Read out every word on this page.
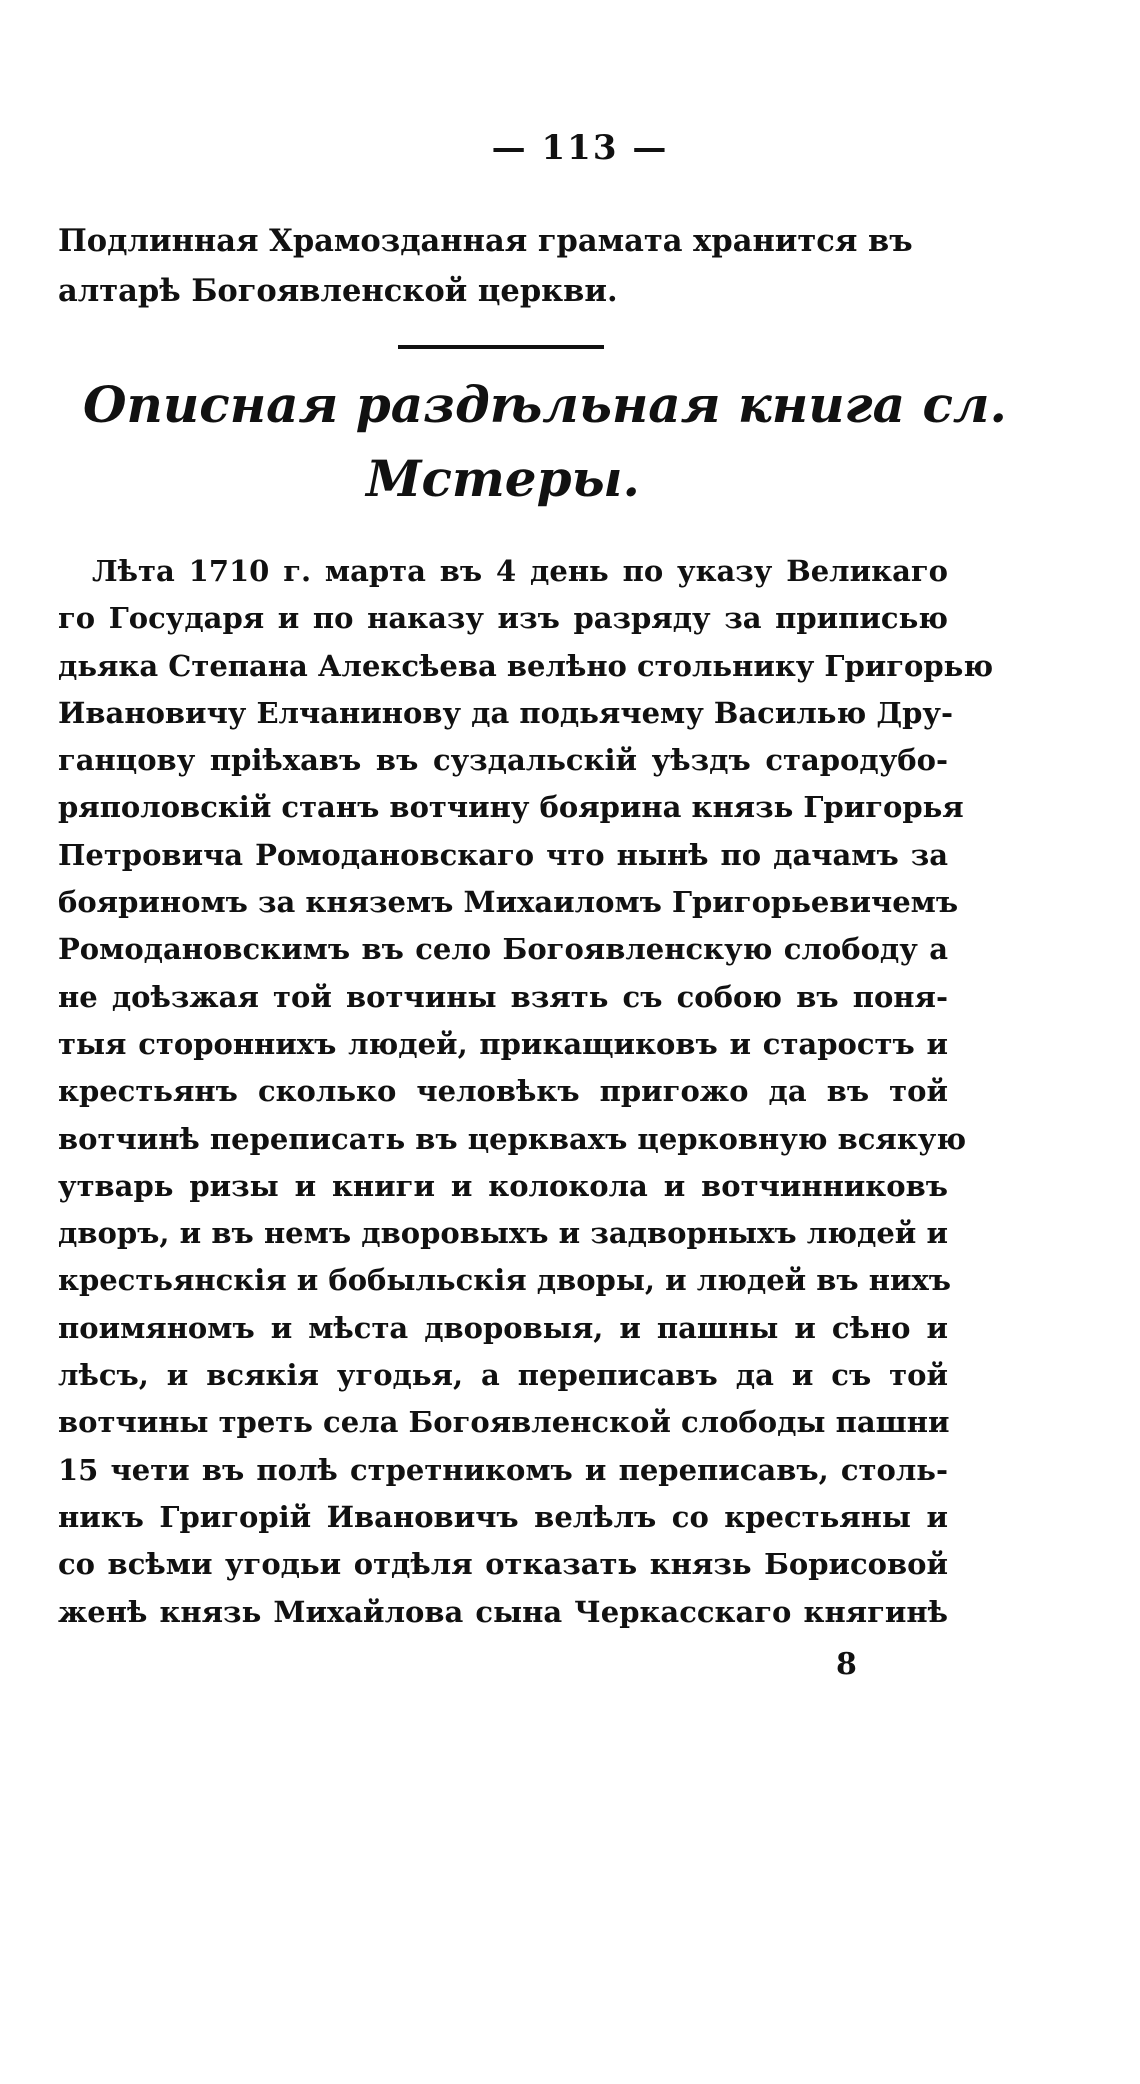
— 113 —
Подлинная Храмозданная грамата хранится въ
алтарѣ Богоявленской церкви.
Описная раздѣльная книга сл.
Мстеры.
Лѣта 1710 г. марта въ 4 день по указу Великаго
го Государя и по наказу изъ разряду за приписью
дьяка Степана Алексѣева велѣно стольнику Григорью
Ивановичу Елчанинову да подьячему Василью Дру-
ганцову пріѣхавъ въ суздальскій уѣздъ стародубо-
ряполовскій станъ вотчину боярина князь Григорья
Петровича Ромодановскаго что нынѣ по дачамъ за
бояриномъ за княземъ Михаиломъ Григорьевичемъ
Ромодановскимъ въ село Богоявленскую слободу а
не доѣзжая той вотчины взять съ собою въ поня-
тыя стороннихъ людей, прикащиковъ и старостъ и
крестьянъ сколько человѣкъ пригожо да въ той
вотчинѣ переписать въ церквахъ церковную всякую
утварь ризы и книги и колокола и вотчинниковъ
дворъ, и въ немъ дворовыхъ и задворныхъ людей и
крестьянскія и бобыльскія дворы, и людей въ нихъ
поимяномъ и мѣста дворовыя, и пашны и сѣно и
лѣсъ, и всякія угодья, а переписавъ да и съ той
вотчины треть села Богоявленской слободы пашни
15 чети въ полѣ стретникомъ и переписавъ, столь-
никъ Григорій Ивановичъ велѣлъ со крестьяны и
со всѣми угодьи отдѣля отказать князь Борисовой
женѣ князь Михайлова сына Черкасскаго княгинѣ
8
